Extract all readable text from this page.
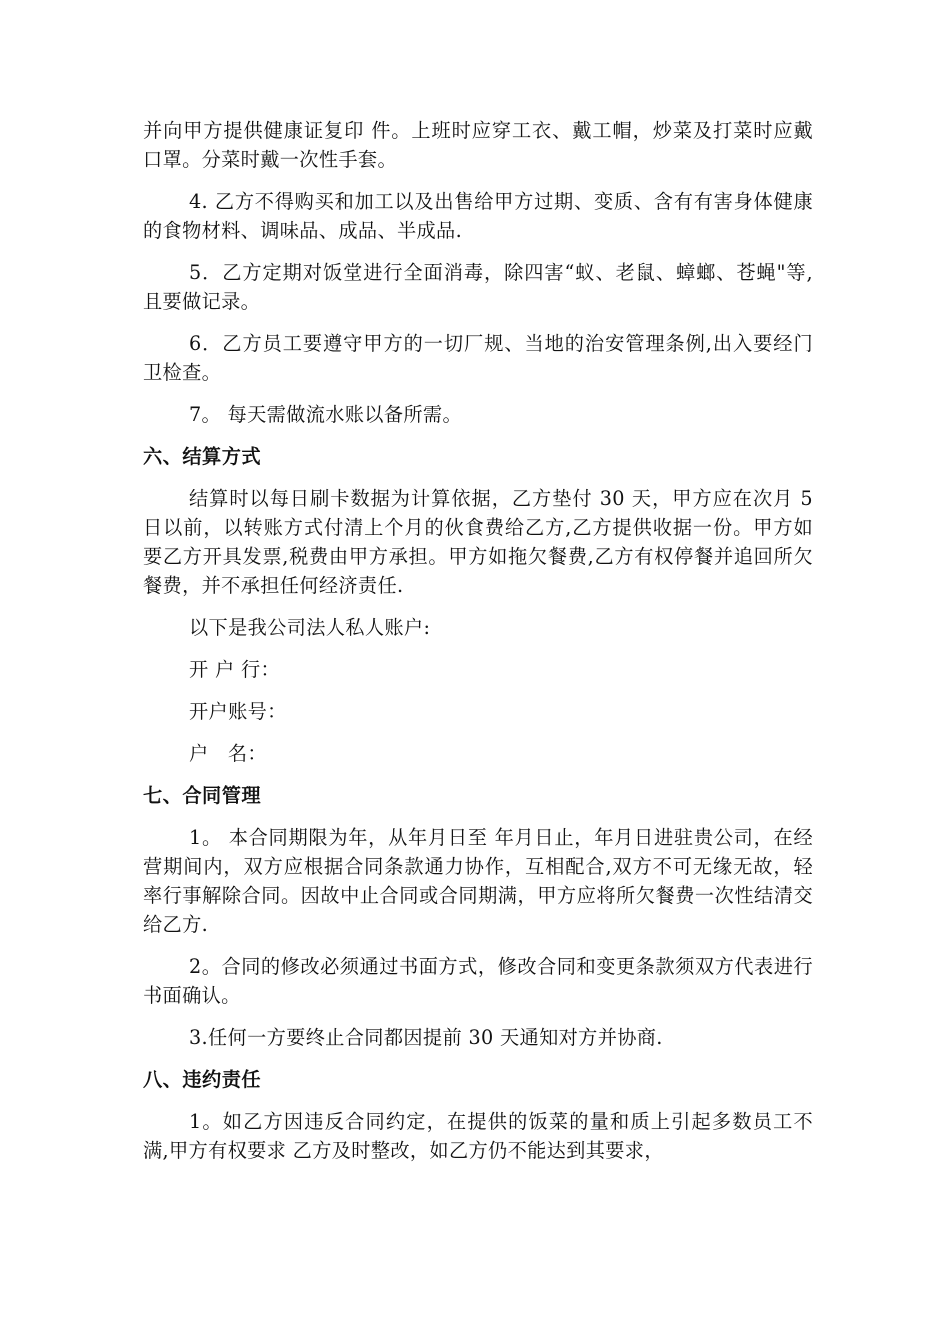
并向甲方提供健康证复印 件。上班时应穿工衣、戴工帽，炒菜及打菜时应戴口罩。分菜时戴一次性手套。

4. 乙方不得购买和加工以及出售给甲方过期、变质、含有有害身体健康的食物材料、调味品、成品、半成品.

5．乙方定期对饭堂进行全面消毒，除四害“蚁、老鼠、蟑螂、苍蝇"等,且要做记录。

6．乙方员工要遵守甲方的一切厂规、当地的治安管理条例,出入要经门卫检查。

7。 每天需做流水账以备所需。

六、结算方式

结算时以每日刷卡数据为计算依据，乙方垫付 30 天，甲方应在次月 5 日以前，以转账方式付清上个月的伙食费给乙方,乙方提供收据一份。甲方如要乙方开具发票,税费由甲方承担。甲方如拖欠餐费,乙方有权停餐并追回所欠餐费，并不承担任何经济责任.

以下是我公司法人私人账户:

开 户 行：

开户账号：

户   名：

七、合同管理

1。 本合同期限为年，从年月日至 年月日止，年月日进驻贵公司，在经营期间内，双方应根据合同条款通力协作，互相配合,双方不可无缘无故，轻率行事解除合同。因故中止合同或合同期满，甲方应将所欠餐费一次性结清交给乙方.

2。合同的修改必须通过书面方式，修改合同和变更条款须双方代表进行书面确认。

3.任何一方要终止合同都因提前 30 天通知对方并协商.

八、违约责任

1。如乙方因违反合同约定，在提供的饭菜的量和质上引起多数员工不满,甲方有权要求 乙方及时整改，如乙方仍不能达到其要求，
